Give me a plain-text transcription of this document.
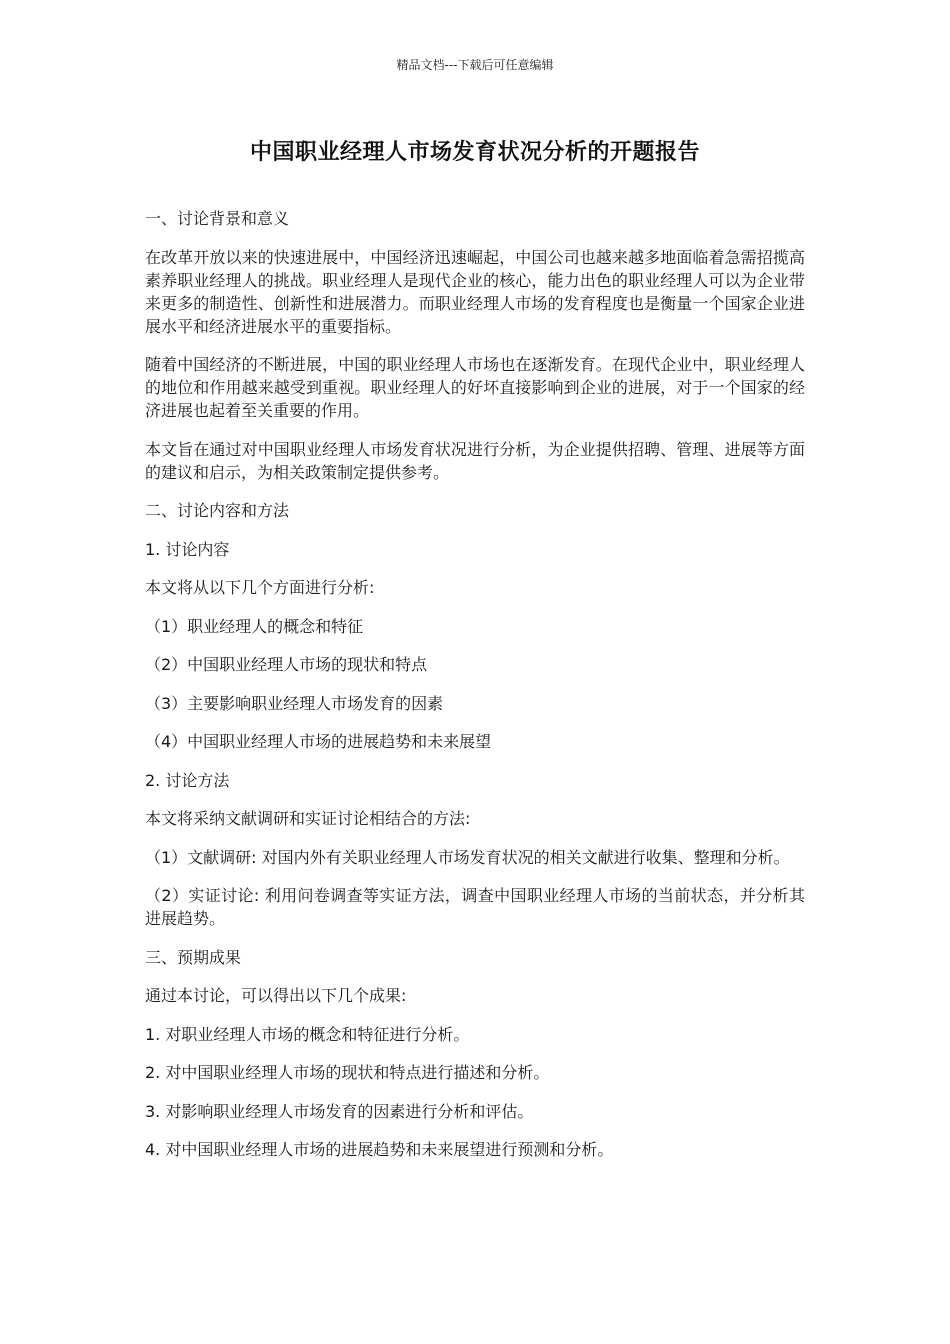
精品文档---下载后可任意编辑
中国职业经理人市场发育状况分析的开题报告

一、讨论背景和意义

在改革开放以来的快速进展中，中国经济迅速崛起，中国公司也越来越多地面临着急需招揽高素养职业经理人的挑战。职业经理人是现代企业的核心，能力出色的职业经理人可以为企业带来更多的制造性、创新性和进展潜力。而职业经理人市场的发育程度也是衡量一个国家企业进展水平和经济进展水平的重要指标。

随着中国经济的不断进展，中国的职业经理人市场也在逐渐发育。在现代企业中，职业经理人的地位和作用越来越受到重视。职业经理人的好坏直接影响到企业的进展，对于一个国家的经济进展也起着至关重要的作用。

本文旨在通过对中国职业经理人市场发育状况进行分析，为企业提供招聘、管理、进展等方面的建议和启示，为相关政策制定提供参考。

二、讨论内容和方法

1. 讨论内容

本文将从以下几个方面进行分析:

（1）职业经理人的概念和特征

（2）中国职业经理人市场的现状和特点

（3）主要影响职业经理人市场发育的因素

（4）中国职业经理人市场的进展趋势和未来展望

2. 讨论方法

本文将采纳文献调研和实证讨论相结合的方法:

（1）文献调研: 对国内外有关职业经理人市场发育状况的相关文献进行收集、整理和分析。

（2）实证讨论: 利用问卷调查等实证方法，调查中国职业经理人市场的当前状态，并分析其进展趋势。

三、预期成果

通过本讨论，可以得出以下几个成果:

1. 对职业经理人市场的概念和特征进行分析。

2. 对中国职业经理人市场的现状和特点进行描述和分析。

3. 对影响职业经理人市场发育的因素进行分析和评估。

4. 对中国职业经理人市场的进展趋势和未来展望进行预测和分析。
